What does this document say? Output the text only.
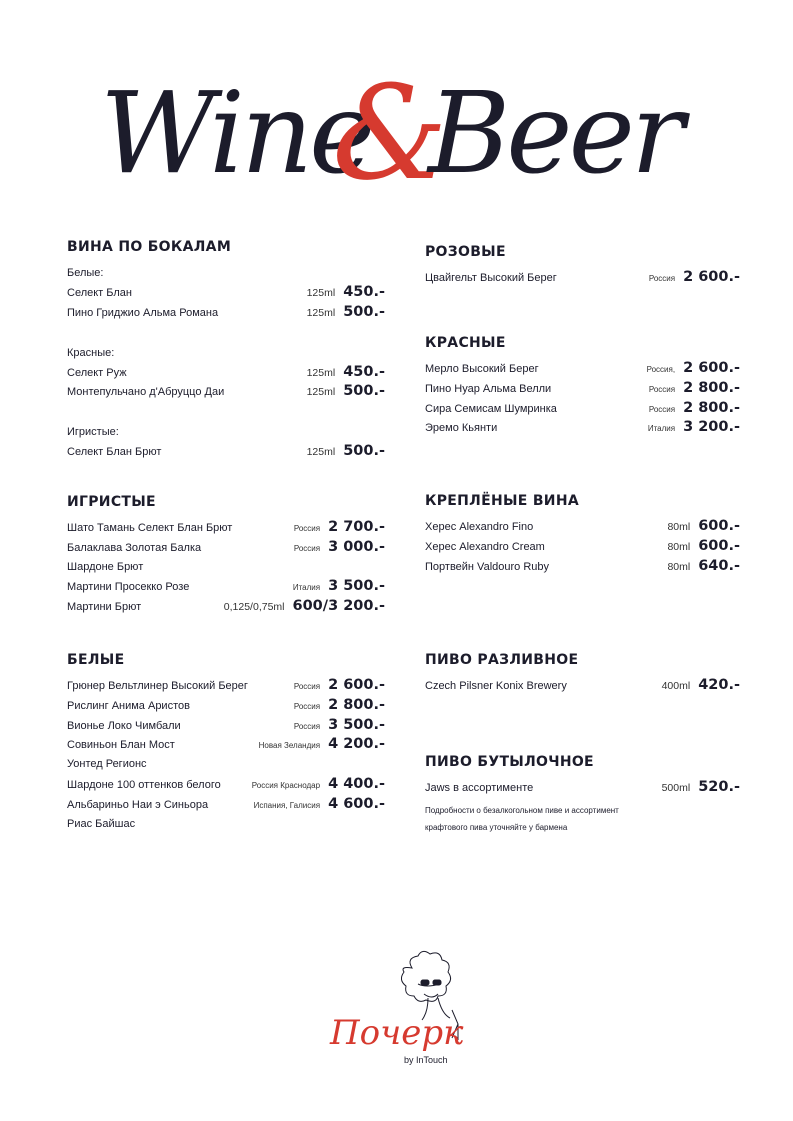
Wine
&
Beer
ВИНА ПО БОКАЛАМ
Белые:
Селект Блан	125ml 450.-
Пино Гриджио Альма Романа	125ml 500.-
Красные:
Селект Руж	125ml 450.-
Монтепульчано д'Абруццо Даи	125ml 500.-
Игристые:
Селект Блан Брют	125ml 500.-
ИГРИСТЫЕ
Шато Тамань Селект Блан Брют	Россия 2 700.-
Балаклава Золотая Балка	Россия 3 000.-
Шардоне Брют
Мартини Просекко Розе	Италия 3 500.-
Мартини Брют	0,125/0,75ml 600/3 200.-
БЕЛЫЕ
Грюнер Вельтлинер Высокий Берег	Россия 2 600.-
Рислинг Анима Аристов	Россия 2 800.-
Вионье Локо Чимбали	Россия 3 500.-
Совиньон Блан Мост	Новая Зеландия 4 200.-
Уонтед Регионс
Шардоне 100 оттенков белого	Россия Краснодар 4 400.-
Альбариньо Наи э Синьора	Испания, Галисия 4 600.-
Риас Байшас
РОЗОВЫЕ
Цвайгельт Высокий Берег	Россия 2 600.-
КРАСНЫЕ
Мерло Высокий Берег	Россия, 2 600.-
Пино Нуар Альма Велли	Россия 2 800.-
Сира Семисам Шумринка	Россия 2 800.-
Эремо Кьянти	Италия 3 200.-
КРЕПЛЁНЫЕ ВИНА
Херес Alexandro Fino	80ml 600.-
Херес Alexandro Cream	80ml 600.-
Портвейн Valdouro Ruby	80ml 640.-
ПИВО РАЗЛИВНОЕ
Czech Pilsner Konix Brewery	400ml 420.-
ПИВО БУТЫЛОЧНОЕ
Jaws в ассортименте	500ml 520.-
Подробности о безалкогольном пиве и ассортимент
крафтового пива уточняйте у бармена
Почерк
by InTouch
